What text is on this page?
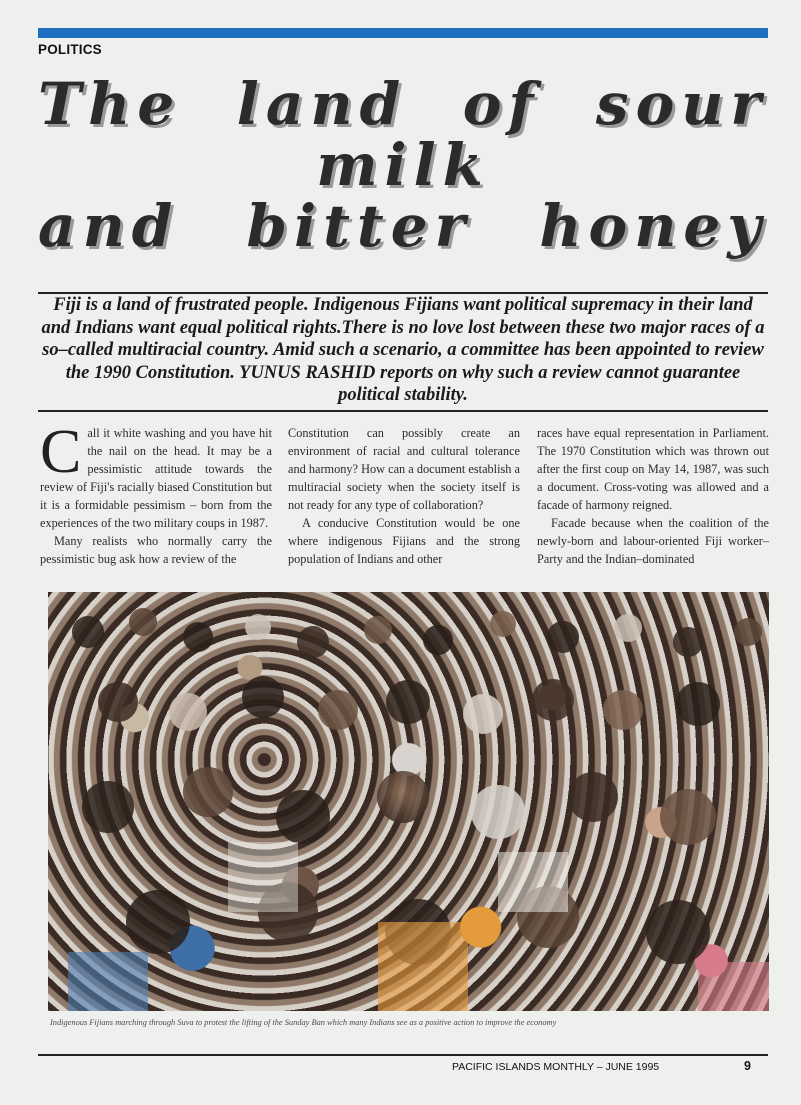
POLITICS
The land of sour
milk
and bitter honey

Fiji is a land of frustrated people. Indigenous Fijians want political supremacy in their land and Indians want equal political rights.There is no love lost between these two major races of a so–called multiracial country. Amid such a scenario, a committee has been appointed to review the 1990 Constitution. YUNUS RASHID reports on why such a review cannot guarantee political stability.

C all it white washing and you have hit the nail on the head. It may be a pessimistic attitude towards the review of Fiji's racially biased Constitution but it is a formidable pessimism – born from the experiences of the two military coups in 1987.

Many realists who normally carry the pessimistic bug ask how a review of the

Constitution can possibly create an environment of racial and cultural tolerance and harmony? How can a document establish a multiracial society when the society itself is not ready for any type of collaboration?

A conducive Constitution would be one where indigenous Fijians and the strong population of Indians and other

races have equal representation in Parliament. The 1970 Constitution which was thrown out after the first coup on May 14, 1987, was such a document. Cross-voting was allowed and a facade of harmony reigned.

Facade because when the coalition of the newly-born and labour-oriented Fiji worker–Party and the Indian–dominated

Indigenous Fijians marching through Suva to protest the lifting of the Sunday Ban which many Indians see as a positive action to improve the economy
PACIFIC ISLANDS MONTHLY – JUNE 1995	9
